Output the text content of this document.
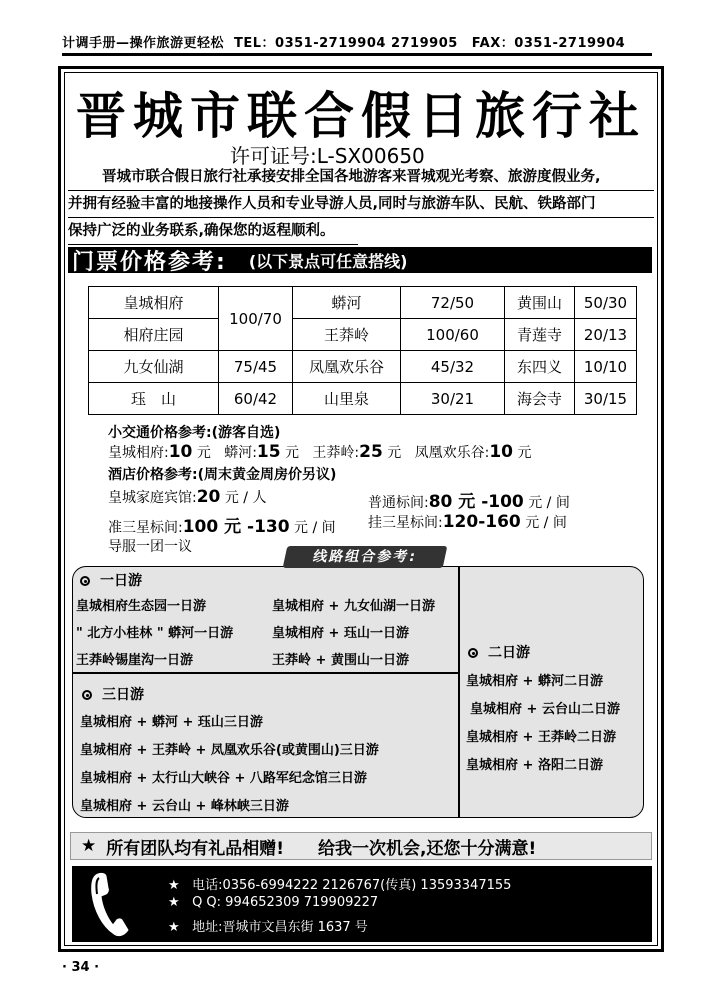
计调手册—操作旅游更轻松 TEL：0351-2719904 2719905 FAX：0351-2719904
晋城市联合假日旅行社
许可证号:L-SX00650
晋城市联合假日旅行社承接安排全国各地游客来晋城观光考察、旅游度假业务,
并拥有经验丰富的地接操作人员和专业导游人员,同时与旅游车队、民航、铁路部门
保持广泛的业务联系,确保您的返程顺利。
门票价格参考: (以下景点可任意搭线)
皇城相府	100/70	蟒河	72/50	黄围山	50/30
相府庄园		王莽岭	100/60	青莲寺	20/13
九女仙湖	75/45	凤凰欢乐谷	45/32	东四义	10/10
珏　山	60/42	山里泉	30/21	海会寺	30/15
小交通价格参考:(游客自选)
皇城相府:10 元 蟒河:15 元 王莽岭:25 元 凤凰欢乐谷:10 元
酒店价格参考:(周末黄金周房价另议)
皇城家庭宾馆:20 元 / 人	普通标间:80 元 -100 元 / 间
准三星标间:100 元 -130 元 / 间 挂三星标间:120-160 元 / 间
导服一团一议
线路组合参考:
一日游
皇城相府生态园一日游	皇城相府 + 九女仙湖一日游
" 北方小桂林 " 蟒河一日游	皇城相府 + 珏山一日游
王莽岭锡崖沟一日游	王莽岭 + 黄围山一日游
三日游
皇城相府 + 蟒河 + 珏山三日游
皇城相府 + 王莽岭 + 凤凰欢乐谷(或黄围山)三日游
皇城相府 + 太行山大峡谷 + 八路军纪念馆三日游
皇城相府 + 云台山 + 峰林峡三日游
二日游
皇城相府 + 蟒河二日游
皇城相府 + 云台山二日游
皇城相府 + 王莽岭二日游
皇城相府 + 洛阳二日游
★ 所有团队均有礼品相赠! 给我一次机会,还您十分满意!
★ 电话:0356-6994222 2126767(传真) 13593347155
★ Q Q: 994652309 719909227
★ 地址:晋城市文昌东街 1637 号
· 34 ·
